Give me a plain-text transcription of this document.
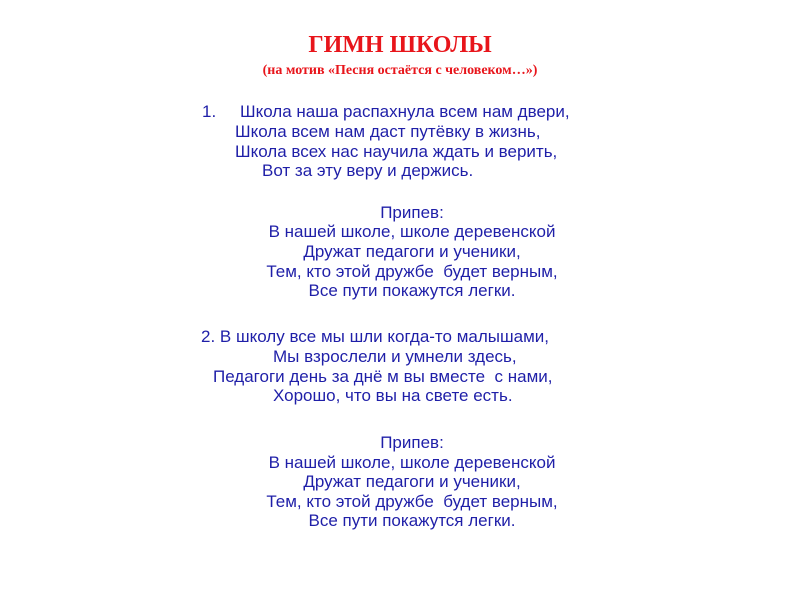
ГИМН ШКОЛЫ

(на мотив «Песня остаётся с человеком…»)

1. Школа наша распахнула всем нам двери,

Школа всем нам даст путёвку в жизнь,

Школа всех нас научила ждать и верить,

Вот за эту веру и держись.

Припев:

В нашей школе, школе деревенской

Дружат педагоги и ученики,

Тем, кто этой дружбе  будет верным,

Все пути покажутся легки.

2. В школу все мы шли когда-то малышами,

Мы взрослели и умнели здесь,

Педагоги день за днё м вы вместе  с нами,

Хорошо, что вы на свете есть.

Припев:

В нашей школе, школе деревенской

Дружат педагоги и ученики,

Тем, кто этой дружбе  будет верным,

Все пути покажутся легки.
